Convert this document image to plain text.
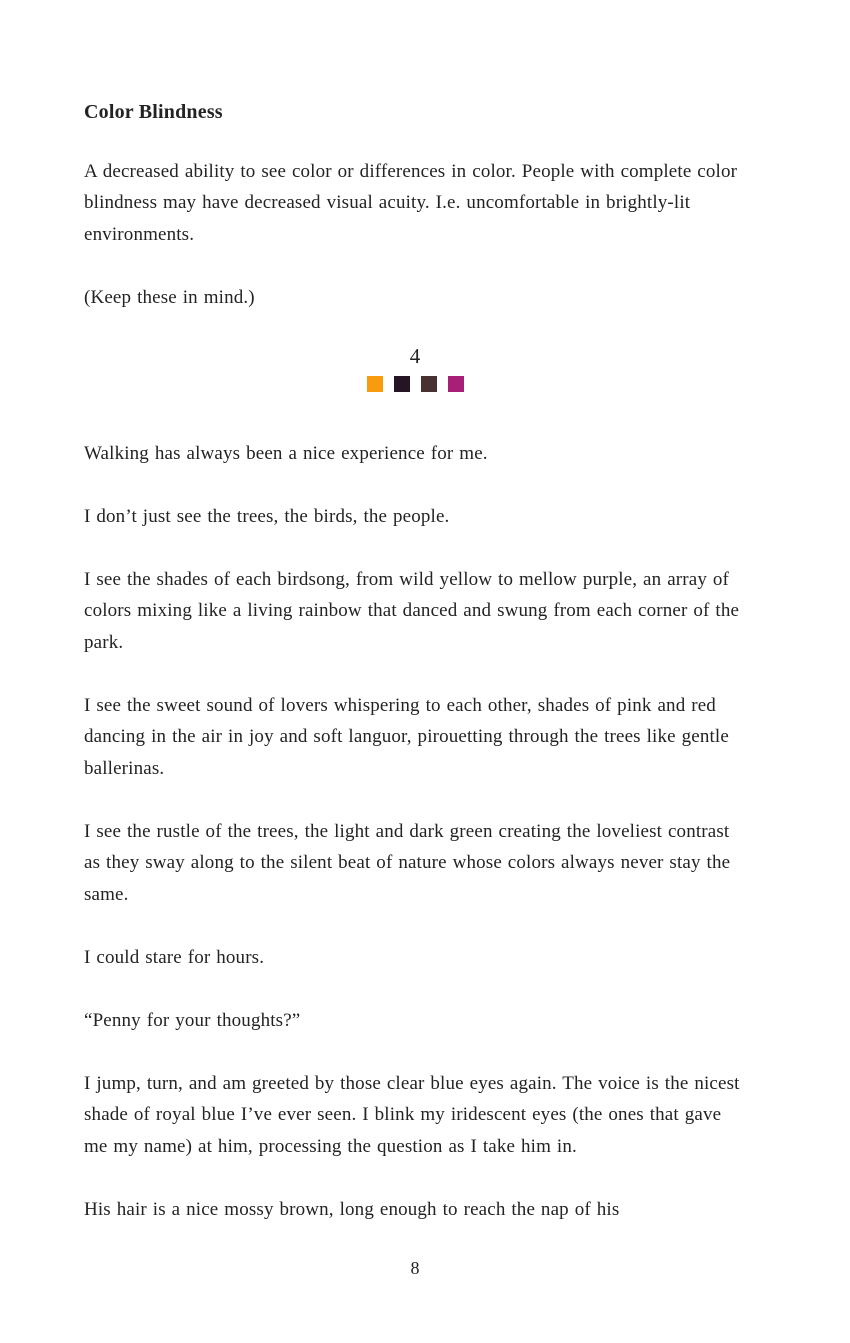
Color Blindness

A decreased ability to see color or differences in color. People with complete color blindness may have decreased visual acuity. I.e. uncomfortable in brightly-lit environments.

(Keep these in mind.)

4

Walking has always been a nice experience for me.

I don’t just see the trees, the birds, the people.

I see the shades of each birdsong, from wild yellow to mellow purple, an array of colors mixing like a living rainbow that danced and swung from each corner of the park.

I see the sweet sound of lovers whispering to each other, shades of pink and red dancing in the air in joy and soft languor, pirouetting through the trees like gentle ballerinas.

I see the rustle of the trees, the light and dark green creating the loveliest contrast as they sway along to the silent beat of nature whose colors always never stay the same.

I could stare for hours.

“Penny for your thoughts?”

I jump, turn, and am greeted by those clear blue eyes again. The voice is the nicest shade of royal blue I’ve ever seen. I blink my iridescent eyes (the ones that gave me my name) at him, processing the question as I take him in.

His hair is a nice mossy brown, long enough to reach the nap of his

8
